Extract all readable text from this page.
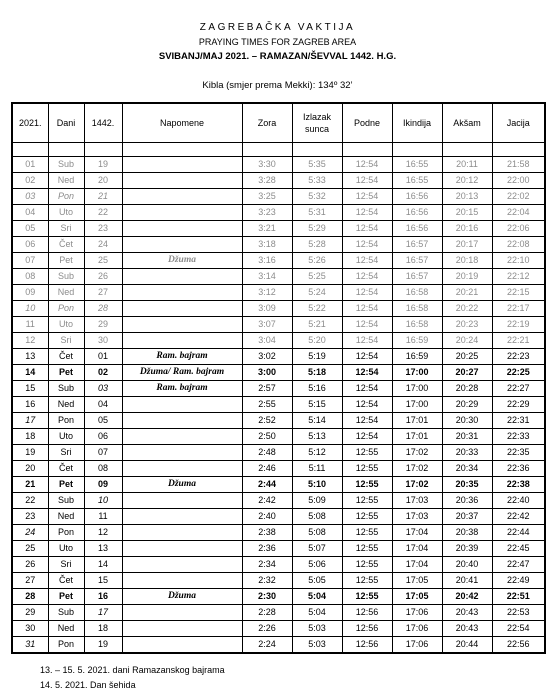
ZAGREBAČKA VAKTIJA
PRAYING TIMES FOR ZAGREB AREA
SVIBANJ/MAJ 2021. – RAMAZAN/ŠEVVAL 1442. H.G.
Kibla (smjer prema Mekki): 134º 32’
2021.	Dani	1442.	Napomene	Zora	Izlazak sunca	Podne	Ikindija	Akšam	Jacija

01	Sub	19		3:30	5:35	12:54	16:55	20:11	21:58
02	Ned	20		3:28	5:33	12:54	16:55	20:12	22:00
03	Pon	21		3:25	5:32	12:54	16:56	20:13	22:02
04	Uto	22		3:23	5:31	12:54	16:56	20:15	22:04
05	Sri	23		3:21	5:29	12:54	16:56	20:16	22:06
06	Čet	24		3:18	5:28	12:54	16:57	20:17	22:08
07	Pet	25	Džuma	3:16	5:26	12:54	16:57	20:18	22:10
08	Sub	26		3:14	5:25	12:54	16:57	20:19	22:12
09	Ned	27		3:12	5:24	12:54	16:58	20:21	22:15
10	Pon	28		3:09	5:22	12:54	16:58	20:22	22:17
11	Uto	29		3:07	5:21	12:54	16:58	20:23	22:19
12	Sri	30		3:04	5:20	12:54	16:59	20:24	22:21
13	Čet	01	Ram. bajram	3:02	5:19	12:54	16:59	20:25	22:23
14	Pet	02	Džuma/ Ram. bajram	3:00	5:18	12:54	17:00	20:27	22:25
15	Sub	03	Ram. bajram	2:57	5:16	12:54	17:00	20:28	22:27
16	Ned	04		2:55	5:15	12:54	17:00	20:29	22:29
17	Pon	05		2:52	5:14	12:54	17:01	20:30	22:31
18	Uto	06		2:50	5:13	12:54	17:01	20:31	22:33
19	Sri	07		2:48	5:12	12:55	17:02	20:33	22:35
20	Čet	08		2:46	5:11	12:55	17:02	20:34	22:36
21	Pet	09	Džuma	2:44	5:10	12:55	17:02	20:35	22:38
22	Sub	10		2:42	5:09	12:55	17:03	20:36	22:40
23	Ned	11		2:40	5:08	12:55	17:03	20:37	22:42
24	Pon	12		2:38	5:08	12:55	17:04	20:38	22:44
25	Uto	13		2:36	5:07	12:55	17:04	20:39	22:45
26	Sri	14		2:34	5:06	12:55	17:04	20:40	22:47
27	Čet	15		2:32	5:05	12:55	17:05	20:41	22:49
28	Pet	16	Džuma	2:30	5:04	12:55	17:05	20:42	22:51
29	Sub	17		2:28	5:04	12:56	17:06	20:43	22:53
30	Ned	18		2:26	5:03	12:56	17:06	20:43	22:54
31	Pon	19		2:24	5:03	12:56	17:06	20:44	22:56
13. – 15. 5. 2021. dani Ramazanskog bajrama
14. 5. 2021. Dan šehida
